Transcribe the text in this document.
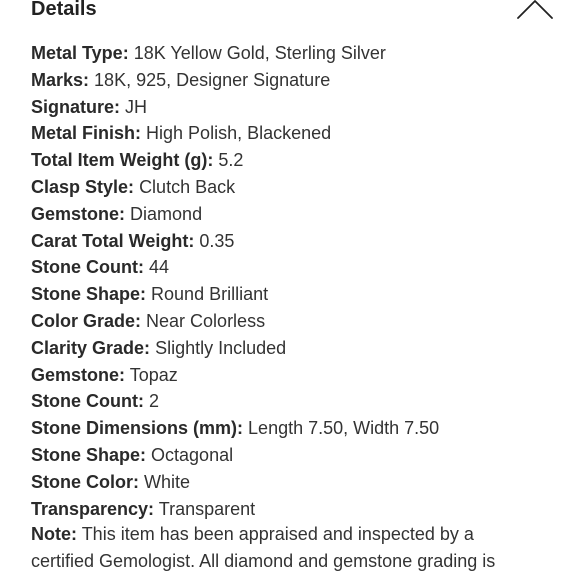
Details
Metal Type: 18K Yellow Gold, Sterling Silver
Marks: 18K, 925, Designer Signature
Signature: JH
Metal Finish: High Polish, Blackened
Total Item Weight (g): 5.2
Clasp Style: Clutch Back
Gemstone: Diamond
Carat Total Weight: 0.35
Stone Count: 44
Stone Shape: Round Brilliant
Color Grade: Near Colorless
Clarity Grade: Slightly Included
Gemstone: Topaz
Stone Count: 2
Stone Dimensions (mm): Length 7.50, Width 7.50
Stone Shape: Octagonal
Stone Color: White
Transparency: Transparent
Note: This item has been appraised and inspected by a
certified Gemologist. All diamond and gemstone grading is
